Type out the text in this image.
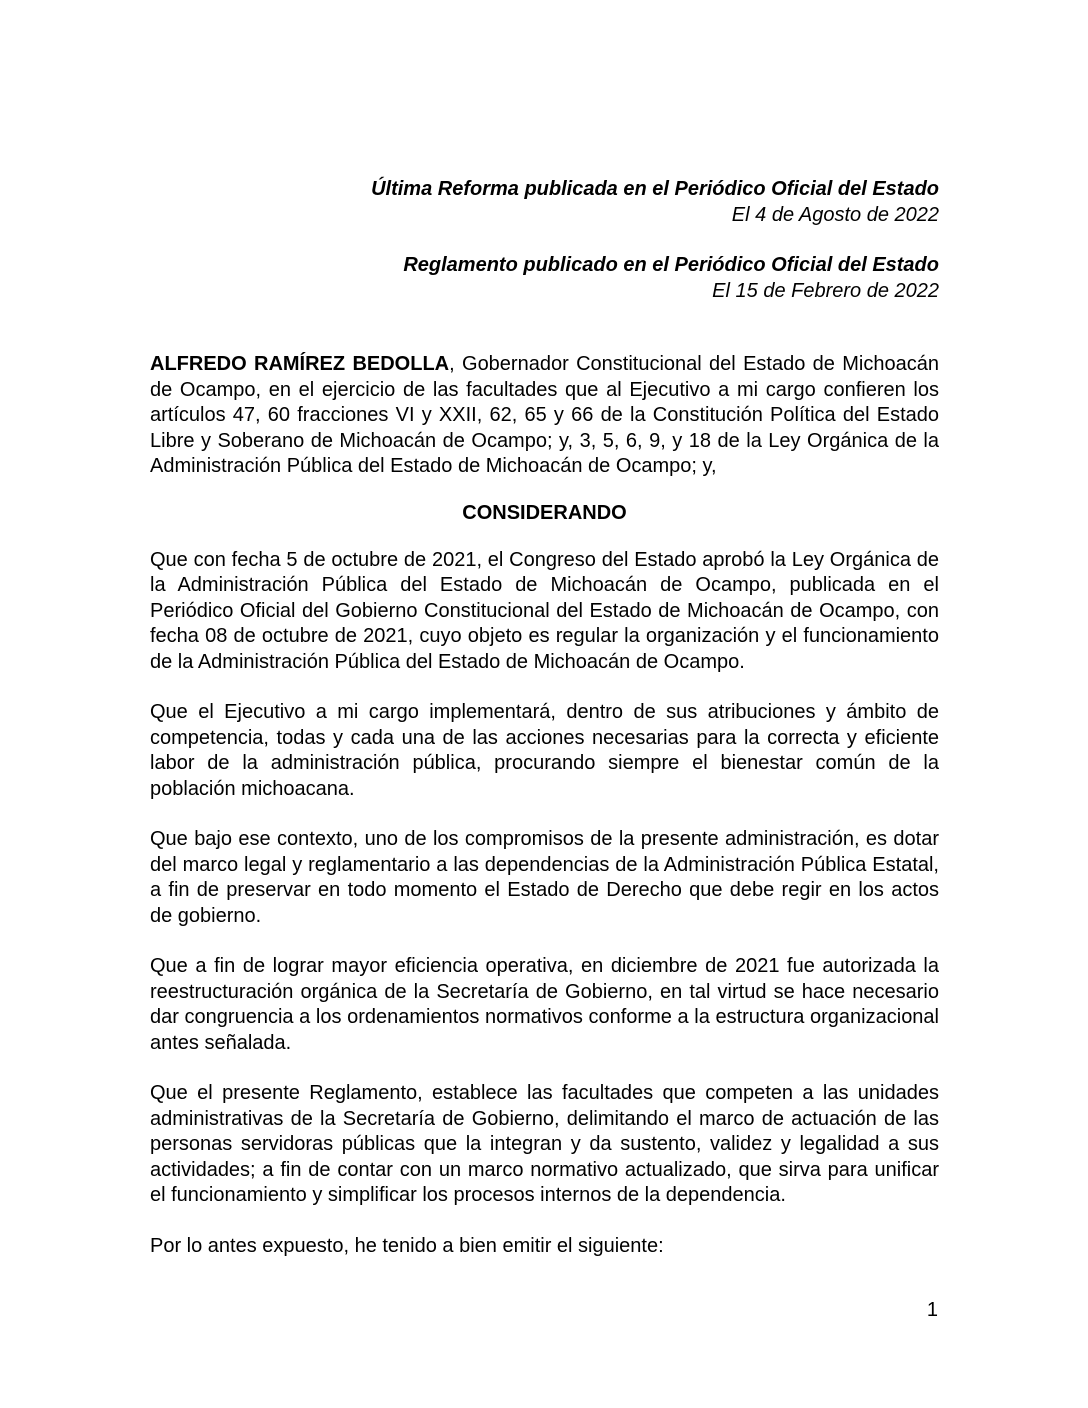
Última Reforma publicada en el Periódico Oficial del Estado
El 4 de Agosto de 2022
Reglamento publicado en el Periódico Oficial del Estado
El 15 de Febrero de 2022

ALFREDO RAMÍREZ BEDOLLA, Gobernador Constitucional del Estado de Michoacán de Ocampo, en el ejercicio de las facultades que al Ejecutivo a mi cargo confieren los artículos 47, 60 fracciones VI y XXII, 62, 65 y 66 de la Constitución Política del Estado Libre y Soberano de Michoacán de Ocampo; y, 3, 5, 6, 9, y 18 de la Ley Orgánica de la Administración Pública del Estado de Michoacán de Ocampo; y,

CONSIDERANDO
Que con fecha 5 de octubre de 2021, el Congreso del Estado aprobó la Ley Orgánica de la Administración Pública del Estado de Michoacán de Ocampo, publicada en el Periódico Oficial del Gobierno Constitucional del Estado de Michoacán de Ocampo, con fecha 08 de octubre de 2021, cuyo objeto es regular la organización y el funcionamiento de la Administración Pública del Estado de Michoacán de Ocampo.
Que el Ejecutivo a mi cargo implementará, dentro de sus atribuciones y ámbito de competencia, todas y cada una de las acciones necesarias para la correcta y eficiente labor de la administración pública, procurando siempre el bienestar común de la población michoacana.
Que bajo ese contexto, uno de los compromisos de la presente administración, es dotar del marco legal y reglamentario a las dependencias de la Administración Pública Estatal, a fin de preservar en todo momento el Estado de Derecho que debe regir en los actos de gobierno.
Que a fin de lograr mayor eficiencia operativa, en diciembre de 2021 fue autorizada la reestructuración orgánica de la Secretaría de Gobierno, en tal virtud se hace necesario dar congruencia a los ordenamientos normativos conforme a la estructura organizacional antes señalada.
Que el presente Reglamento, establece las facultades que competen a las unidades administrativas de la Secretaría de Gobierno, delimitando el marco de actuación de las personas servidoras públicas que la integran y da sustento, validez y legalidad a sus actividades; a fin de contar con un marco normativo actualizado, que sirva para unificar el funcionamiento y simplificar los procesos internos de la dependencia.
Por lo antes expuesto, he tenido a bien emitir el siguiente:
1
